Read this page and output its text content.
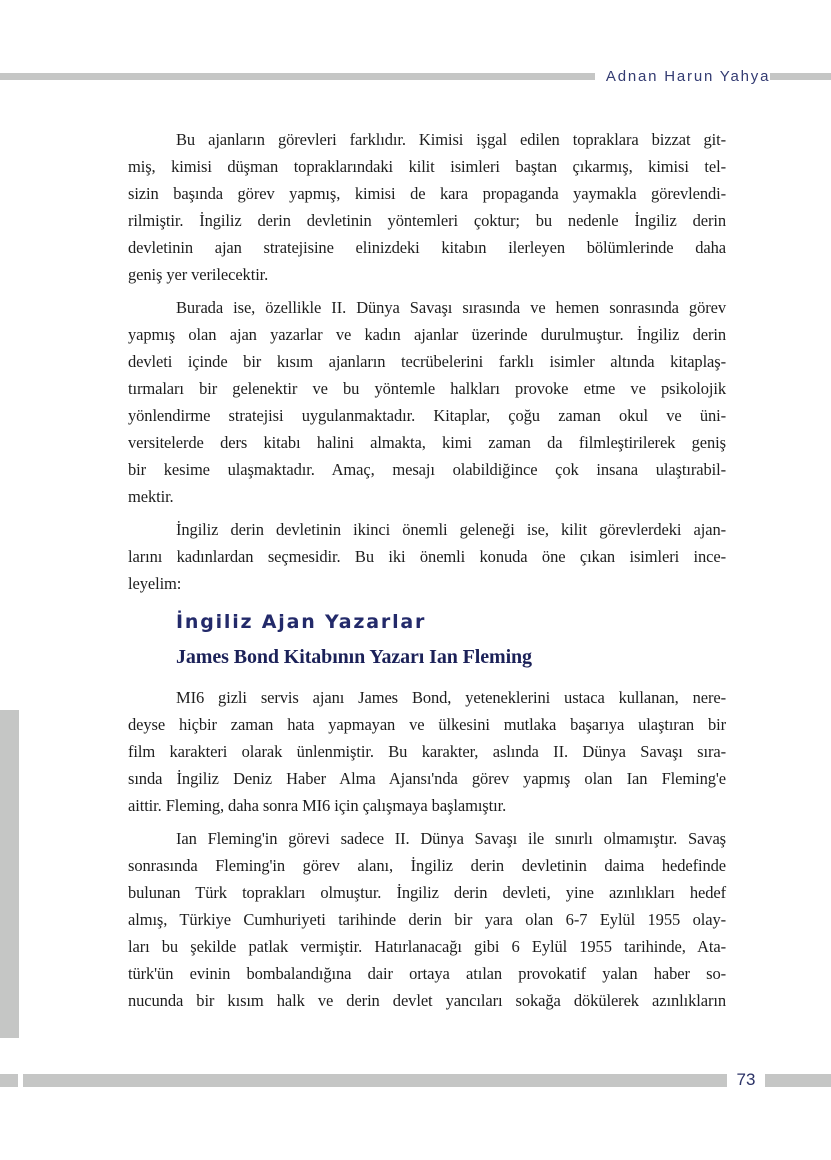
Adnan Harun Yahya
Bu ajanların görevleri farklıdır. Kimisi işgal edilen topraklara bizzat git-
miş, kimisi düşman topraklarındaki kilit isimleri baştan çıkarmış, kimisi tel-
sizin başında görev yapmış, kimisi de kara propaganda yaymakla görevlendi-
rilmiştir. İngiliz derin devletinin yöntemleri çoktur; bu nedenle İngiliz derin
devletinin ajan stratejisine elinizdeki kitabın ilerleyen bölümlerinde daha
geniş yer verilecektir.
Burada ise, özellikle II. Dünya Savaşı sırasında ve hemen sonrasında görev
yapmış olan ajan yazarlar ve kadın ajanlar üzerinde durulmuştur. İngiliz derin
devleti içinde bir kısım ajanların tecrübelerini farklı isimler altında kitaplaş-
tırmaları bir gelenektir ve bu yöntemle halkları provoke etme ve psikolojik
yönlendirme stratejisi uygulanmaktadır. Kitaplar, çoğu zaman okul ve üni-
versitelerde ders kitabı halini almakta, kimi zaman da filmleştirilerek geniş
bir kesime ulaşmaktadır. Amaç, mesajı olabildiğince çok insana ulaştırabil-
mektir.
İngiliz derin devletinin ikinci önemli geleneği ise, kilit görevlerdeki ajan-
larını kadınlardan seçmesidir. Bu iki önemli konuda öne çıkan isimleri ince-
leyelim:
İngiliz Ajan Yazarlar
James Bond Kitabının Yazarı Ian Fleming
MI6 gizli servis ajanı James Bond, yeteneklerini ustaca kullanan, nere-
deyse hiçbir zaman hata yapmayan ve ülkesini mutlaka başarıya ulaştıran bir
film karakteri olarak ünlenmiştir. Bu karakter, aslında II. Dünya Savaşı sıra-
sında İngiliz Deniz Haber Alma Ajansı'nda görev yapmış olan Ian Fleming'e
aittir. Fleming, daha sonra MI6 için çalışmaya başlamıştır.
Ian Fleming'in görevi sadece II. Dünya Savaşı ile sınırlı olmamıştır. Savaş
sonrasında Fleming'in görev alanı, İngiliz derin devletinin daima hedefinde
bulunan Türk toprakları olmuştur. İngiliz derin devleti, yine azınlıkları hedef
almış, Türkiye Cumhuriyeti tarihinde derin bir yara olan 6-7 Eylül 1955 olay-
ları bu şekilde patlak vermiştir. Hatırlanacağı gibi 6 Eylül 1955 tarihinde, Ata-
türk'ün evinin bombalandığına dair ortaya atılan provokatif yalan haber so-
nucunda bir kısım halk ve derin devlet yancıları sokağa dökülerek azınlıkların
73
